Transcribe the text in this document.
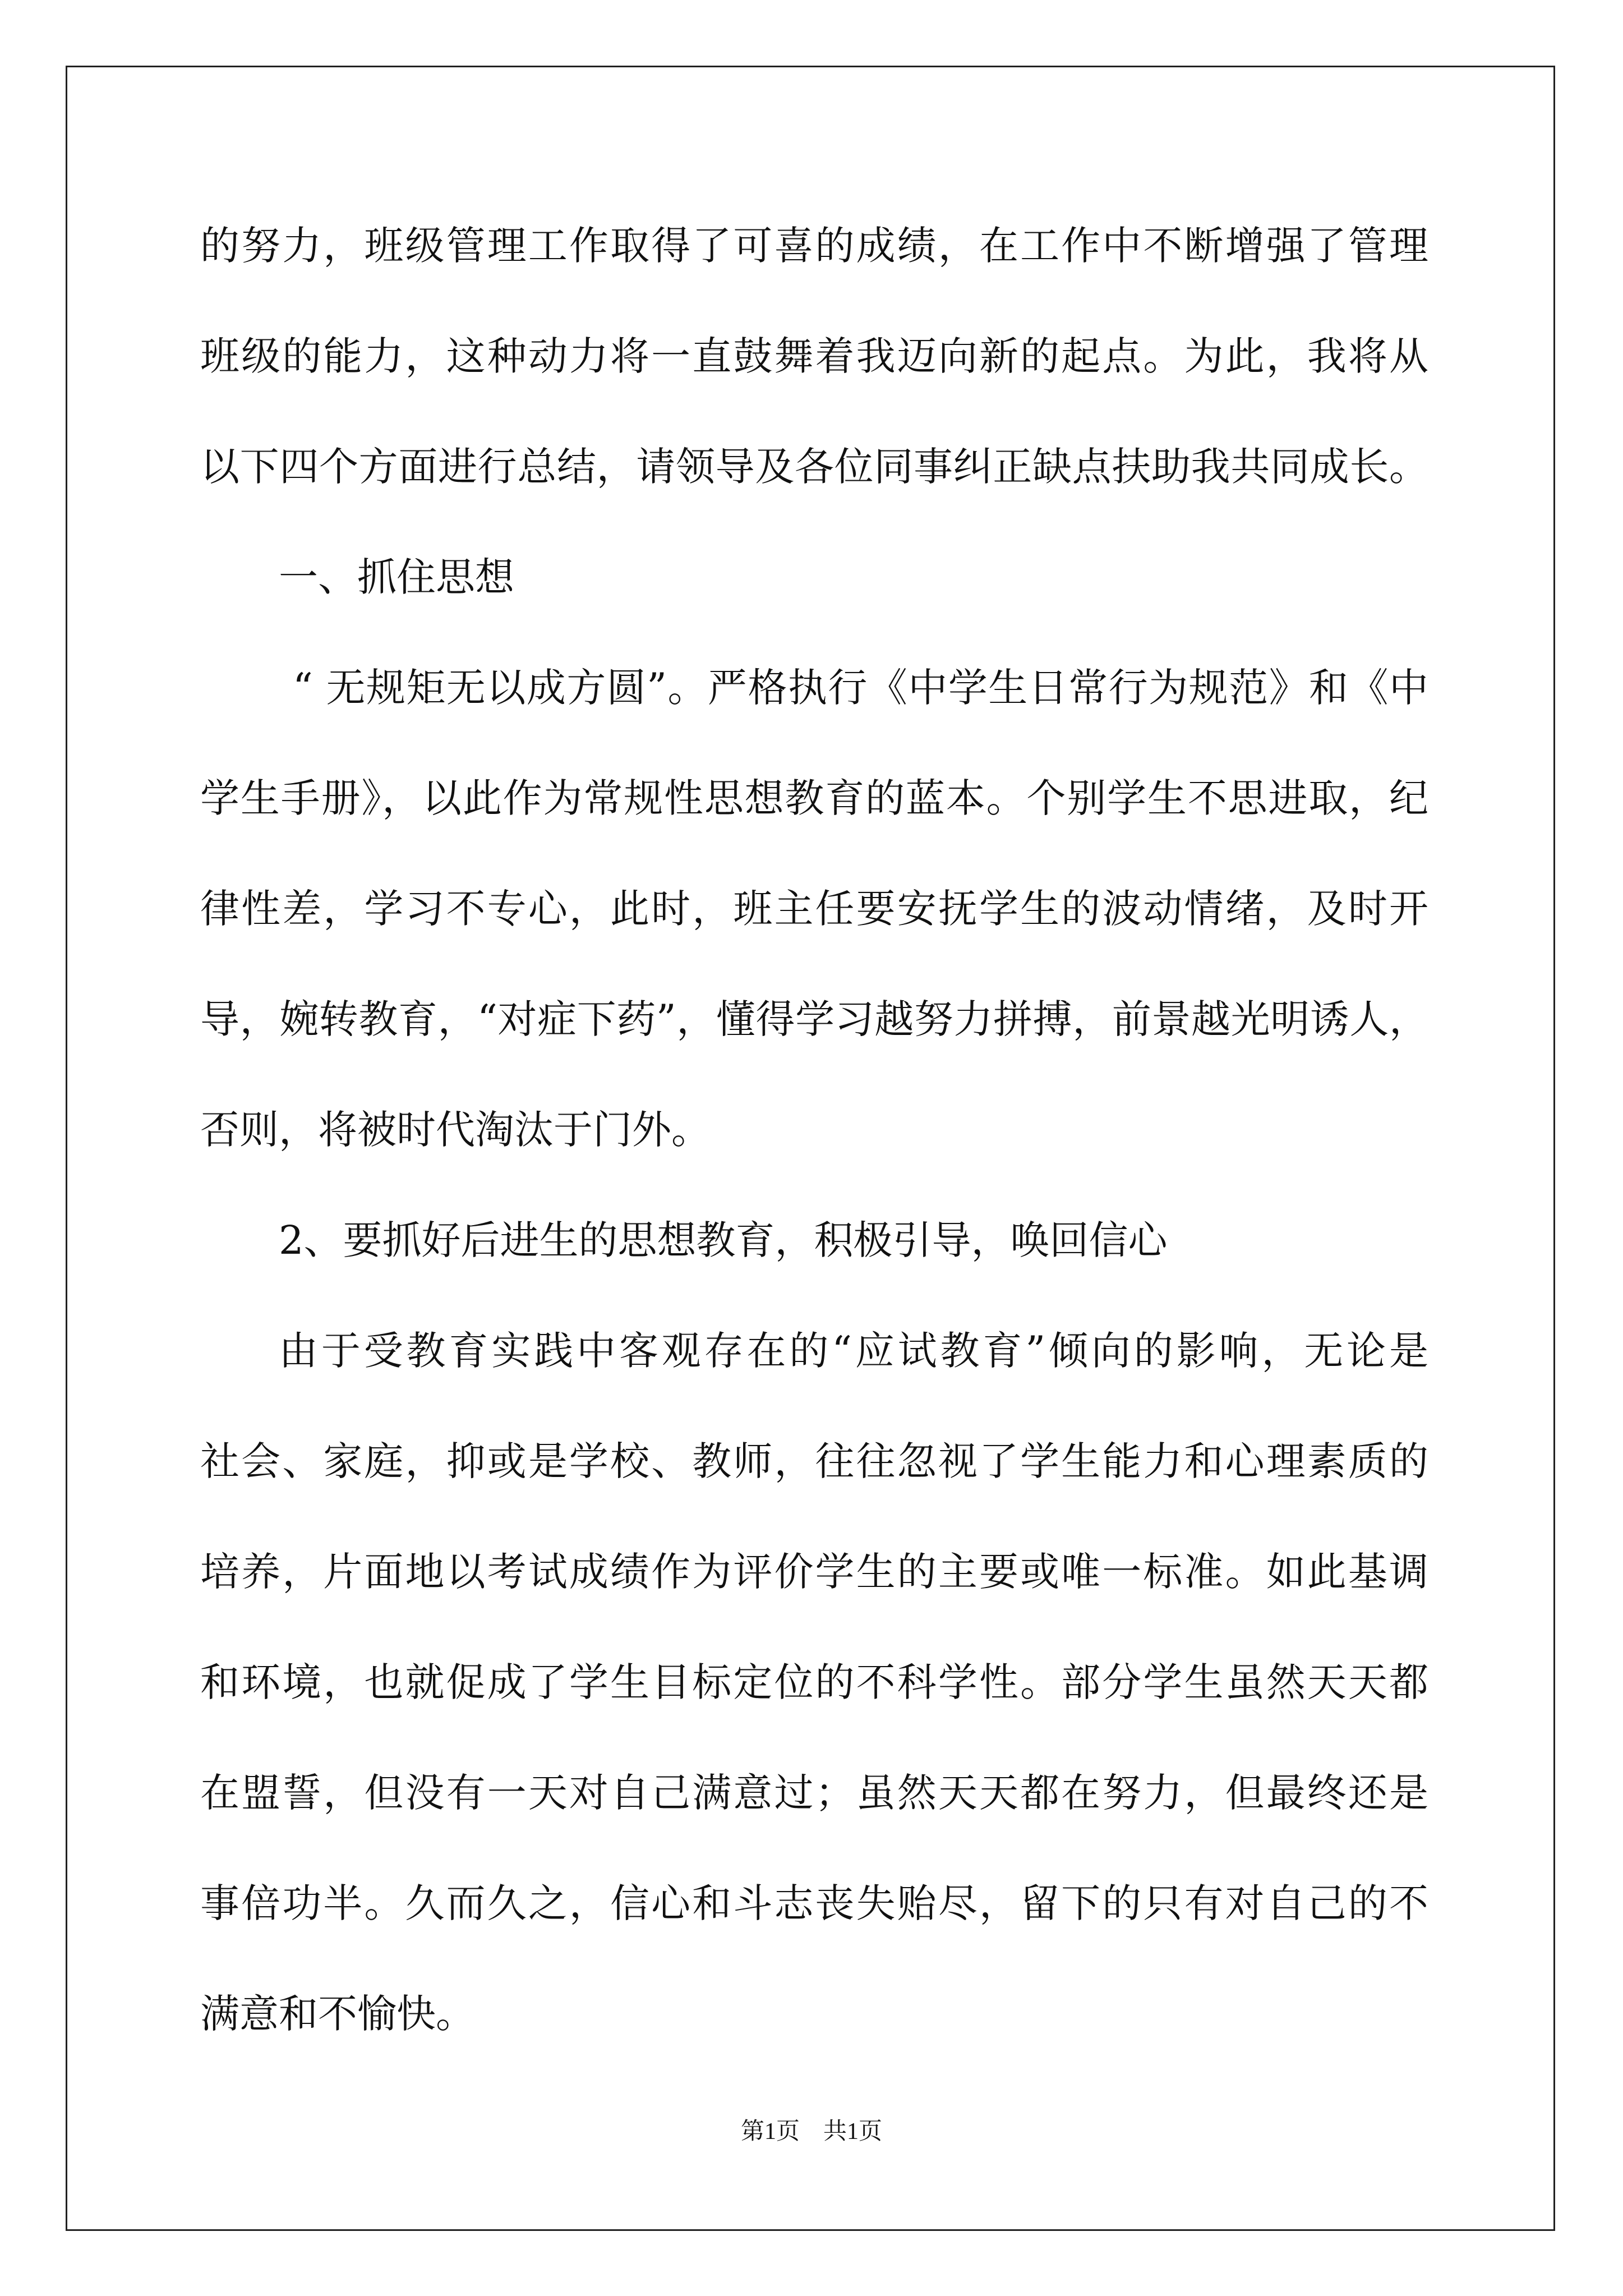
的努力，班级管理工作取得了可喜的成绩，在工作中不断增强了管理
班级的能力，这种动力将一直鼓舞着我迈向新的起点。为此，我将从
以下四个方面进行总结，请领导及各位同事纠正缺点扶助我共同成长。
一、抓住思想
“ 无规矩无以成方圆”。严格执行《中学生日常行为规范》和《中
学生手册》，以此作为常规性思想教育的蓝本。个别学生不思进取，纪
律性差，学习不专心，此时，班主任要安抚学生的波动情绪，及时开
导，婉转教育，“对症下药”，懂得学习越努力拼搏，前景越光明诱人，
否则，将被时代淘汰于门外。
2、要抓好后进生的思想教育，积极引导，唤回信心
由于受教育实践中客观存在的“应试教育”倾向的影响，无论是
社会、家庭，抑或是学校、教师，往往忽视了学生能力和心理素质的
培养，片面地以考试成绩作为评价学生的主要或唯一标准。如此基调
和环境，也就促成了学生目标定位的不科学性。部分学生虽然天天都
在盟誓，但没有一天对自己满意过；虽然天天都在努力，但最终还是
事倍功半。久而久之，信心和斗志丧失贻尽，留下的只有对自己的不
满意和不愉快。
第1页　共1页
